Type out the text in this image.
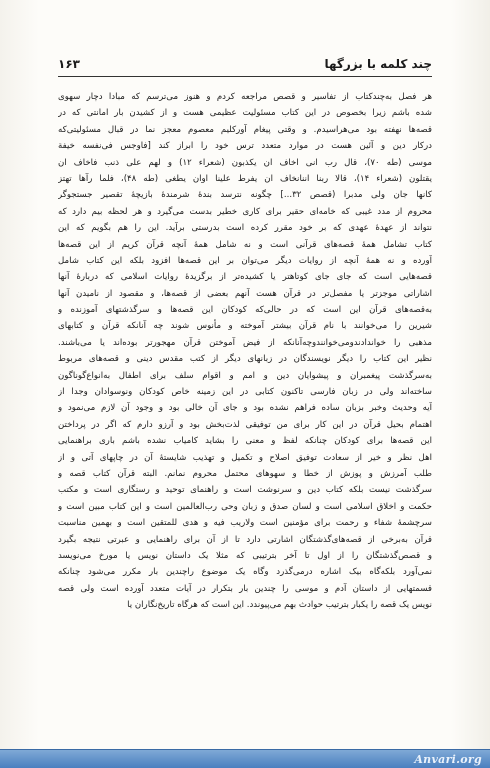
چند کلمه با بزرگها
۱۶۳
هر فصل به‌چندکتاب از تفاسیر و قصص مراجعه کردم و هنوز می‌ترسم که مبادا دچار سهوی
شده باشم زیرا بخصوص در این کتاب مسئولیت عظیمی هست و از کشیدن بار امانتی که در
قصه‌ها نهفته بود می‌هراسیدم. و وقتی پیغام آورکلیم معصوم معجز نما در قبال مسئولیتی‌که
درکار دین و آئین هست در موارد متعدد ترس خود را ابراز کند [فاوجس فی‌نفسه خیفة
موسی (طه ۷۰)، قال رب انی اخاف ان یکذبون (شعراء ۱۲) و لهم علی ذنب فاخاف ان
یقتلون (شعراء ۱۴)، قالا ربنا اننانخاف ان یفرط علینا اوان یطغی (طه ۴۸)، فلما رآها تهتز
کانها جان ولی مدبرا (قصص ۳۲...] چگونه نترسد بندهٔ شرمندهٔ بازیچهٔ تقصیر جستجوگر
محروم از مدد غیبی که خامه‌ای حقیر برای کاری خطیر بدست می‌گیرد و هر لحظه بیم دارد که
نتواند از عهدهٔ عهدی که بر خود مقرر کرده است بدرستی برآید. این را هم بگویم که این
کتاب تشامل همهٔ قصه‌های قرآنی است و نه شامل همهٔ آنچه قرآن کریم از این قصه‌ها
آورده و نه همهٔ آنچه از روایات دیگر می‌توان بر این قصه‌ها افزود بلکه این کتاب شامل
قصه‌هایی است که جای جای کوتاهتر یا کشیده‌تر از برگزیدهٔ روایات اسلامی که دربارهٔ آنها
اشاراتی موجزتر یا مفصل‌تر در قرآن هست آنهم بعضی از قصه‌ها، و مقصود از نامیدن آنها
به‌قصه‌های قرآن این است که در حالی‌که کودکان این قصه‌ها و سرگذشتهای آموزنده و
شیرین را می‌خوانند با نام قرآن بیشتر آموخته و مأنوس شوند چه آنانکه قرآن و کتابهای
مذهبی را خواندادندومی‌خوانندوچه‌آنانکه از فیض آموختن قرآن مهجورتر بوده‌اند یا می‌باشند.
نظیر این کتاب را دیگر نویسندگان در زبانهای دیگر از کتب مقدس دینی و قصه‌های مربوط
به‌سرگذشت پیغمبران و پیشوایان دین و امم و اقوام سلف برای اطفال به‌انواع‌گوناگون
ساخته‌اند ولی در زبان فارسی تاکنون کتابی در این زمینه خاص کودکان ونوسوادان وجدا از
آیه وحدیث وخبر بزبان ساده فراهم نشده بود و جای آن خالی بود و وجود آن لازم می‌نمود و
اهتمام بحیل قرآن در این کار برای من توفیقی لذت‌بخش بود و آرزو دارم که اگر در پرداختن
این قصه‌ها برای کودکان چنانکه لفظ و معنی را بشاید کامیاب نشده باشم باری براهنمایی
اهل نظر و خیر از سعادت توفیق اصلاح و تکمیل و تهذیب شایستهٔ آن در چاپهای آتی و از
طلب آمرزش و پوزش از خطا و سهوهای محتمل محروم نمانم. البته قرآن کتاب قصه و
سرگذشت نیست بلکه کتاب دین و سرنوشت است و راهنمای توحید و رستگاری است و مکتب
حکمت و اخلاق اسلامی است و لسان صدق و زبان وحی رب‌العالمین است و این کتاب مبین است و
سرچشمهٔ شفاء و رحمت برای مؤمنین است ولاریب فیه و هدی للمتقین است و بهمین مناسبت
قرآن به‌برخی از قصه‌های‌گذشتگان اشارتی دارد تا از آن برای راهنمایی و عبرتی نتیجه بگیرد
و قصص‌گذشتگان را از اول تا آخر بترتیبی که مثلا یک داستان نویس یا مورخ می‌نویسد
نمی‌آورد بلکه‌گاه بیک اشاره درمی‌گذرد وگاه یک موضوع راچندین بار مکرر می‌شود چنانکه
قسمتهایی از داستان آدم و موسی را چندین بار بتکرار در آیات متعدد آورده است ولی قصه‌
نویس یک قصه را یکبار بترتیب حوادث بهم می‌پیوندد. این است که هرگاه تاریخ‌نگاران یا
Anvari.org
